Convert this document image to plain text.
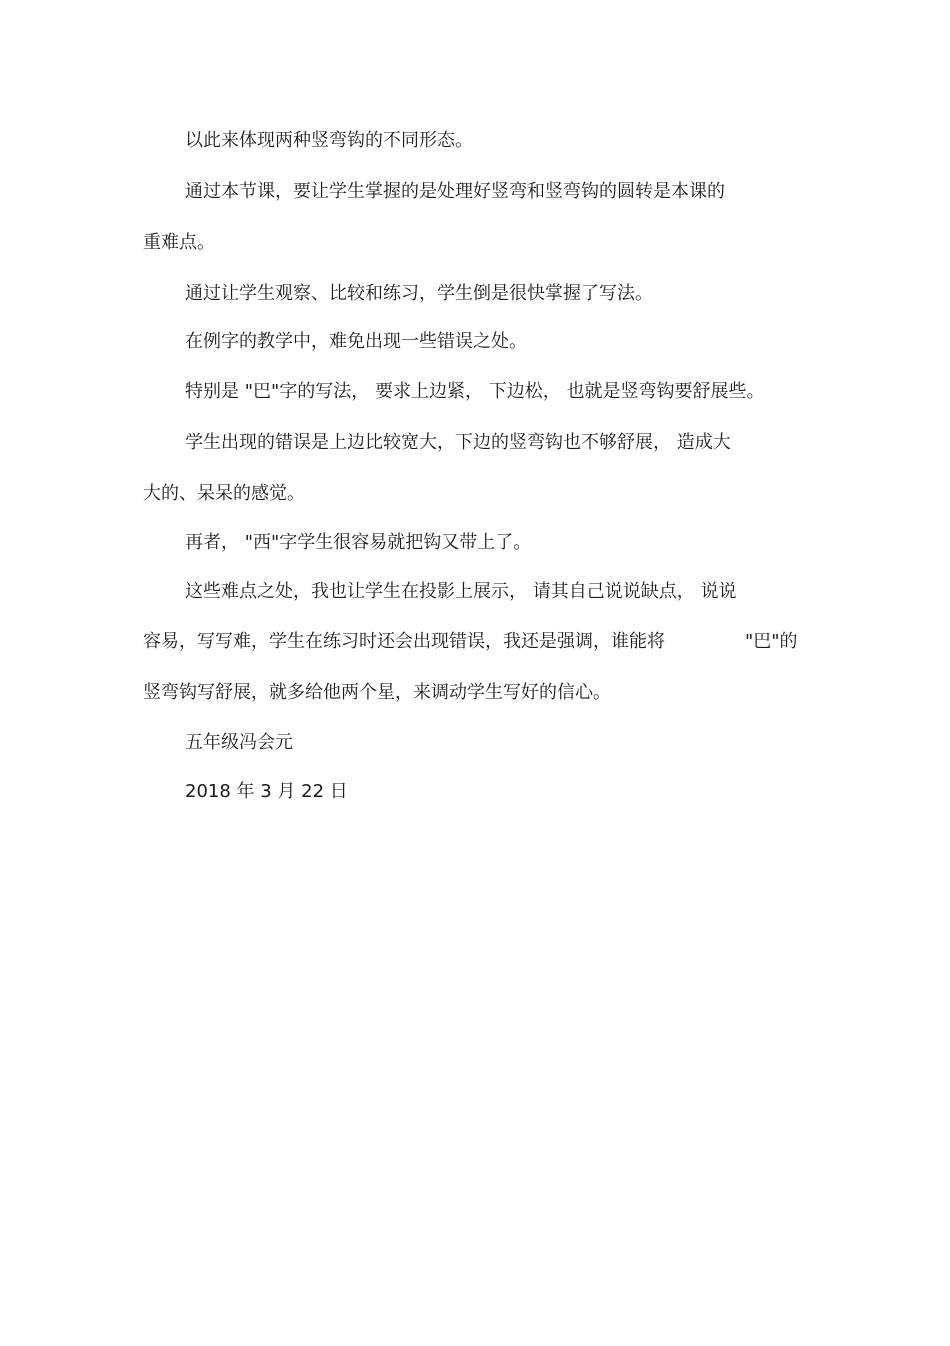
以此来体现两种竖弯钩的不同形态。
通过本节课，要让学生掌握的是处理好竖弯和竖弯钩的圆转是本课的
重难点。
通过让学生观察、比较和练习，学生倒是很快掌握了写法。
在例字的教学中，难免出现一些错误之处。
特别是 "巴"字的写法， 要求上边紧， 下边松， 也就是竖弯钩要舒展些。
学生出现的错误是上边比较宽大，下边的竖弯钩也不够舒展， 造成大
大的、呆呆的感觉。
再者， "西"字学生很容易就把钩又带上了。
这些难点之处，我也让学生在投影上展示， 请其自己说说缺点， 说说
容易，写写难，学生在练习时还会出现错误，我还是强调，谁能将	"巴"的
竖弯钩写舒展，就多给他两个星，来调动学生写好的信心。
五年级冯会元
2018 年 3 月 22 日
